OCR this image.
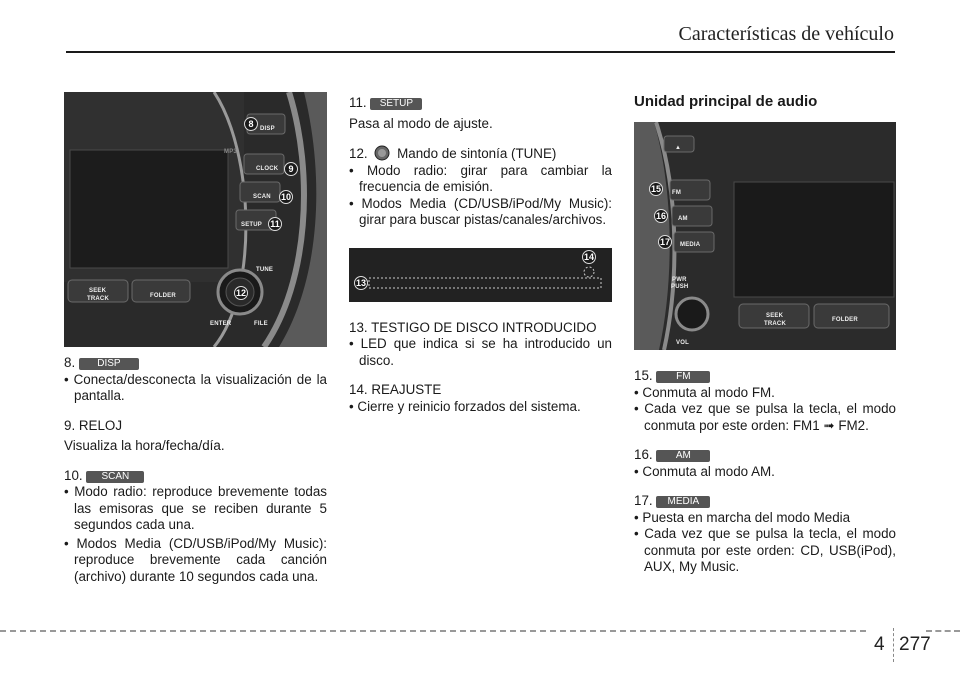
Características de vehículo
DISP
MP3
CLOCK
SCAN
SETUP
TUNE
SEEK
TRACK	FOLDER
ENTER	FILE
8
9
10
11
12

8. DISP

• Conecta/desconecta la visualización de la pantalla.

9. RELOJ

Visualiza la hora/fecha/día.

10. SCAN

• Modo radio: reproduce brevemente todas las emisoras que se reciben durante 5 segundos cada una.

• Modos Media (CD/USB/iPod/My Music): reproduce brevemente cada canción (archivo) durante 10 segundos cada una.

11. SETUP

Pasa al modo de ajuste.

12. Mando de sintonía (TUNE)

• Modo radio: girar para cambiar la frecuencia de emisión.

• Modos Media (CD/USB/iPod/My Music): girar para buscar pistas/canales/archivos.

13
14

13. TESTIGO DE DISCO INTRODUCIDO

• LED que indica si se ha introducido un disco.

14. REAJUSTE

• Cierre y reinicio forzados del sistema.

Unidad principal de audio
▲
FM
AM
MEDIA
PWR
PUSH
VOL
SEEK
TRACK
FOLDER
15
16
17

15. FM

• Conmuta al modo FM.

• Cada vez que se pulsa la tecla, el modo conmuta por este orden: FM1 ➟ FM2.

16. AM

• Conmuta al modo AM.

17. MEDIA

• Puesta en marcha del modo Media

• Cada vez que se pulsa la tecla, el modo conmuta por este orden: CD, USB(iPod), AUX, My Music.

4 277
